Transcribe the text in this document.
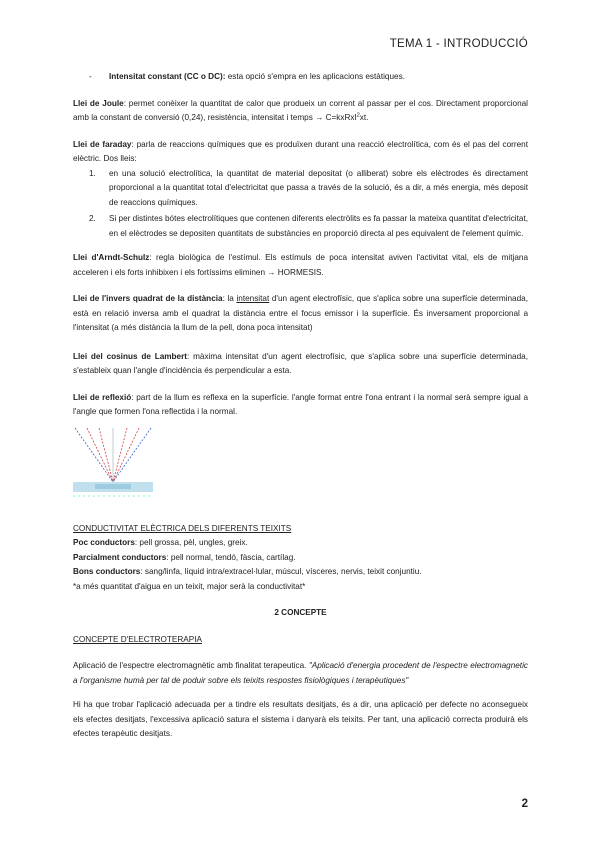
TEMA 1 - INTRODUCCIÓ
-	Intensitat constant (CC o DC): esta opció s'empra en les aplicacions estàtiques.

Llei de Joule: permet conèixer la quantitat de calor que produeix un corrent al passar per el cos. Directament proporcional amb la constant de conversió (0,24), resistència, intensitat i temps → C=kxRxI$^2$xt.

Llei de faraday: parla de reaccions químiques que es produïxen durant una reacció electrolítica, com és el pas del corrent elèctric. Dos lleis:

1. en una solució electrolítica, la quantitat de material depositat (o alliberat) sobre els elèctrodes és directament proporcional a la quantitat total d'electricitat que passa a través de la solució, és a dir, a més energia, més deposit de reaccions químiques.
2. Si per distintes bótes electrolítiques que contenen diferents electròlits es fa passar la mateixa quantitat d'electricitat, en el elèctrodes se depositen quantitats de substàncies en proporció directa al pes equivalent de l'element químic.

Llei d'Arndt-Schulz: regla biològica de l'estímul. Els estímuls de poca intensitat aviven l'activitat vital, els de mitjana acceleren i els forts inhibixen i els fortíssims eliminen → HORMESIS.

Llei de l'invers quadrat de la distància: la intensitat d'un agent electrofísic, que s'aplica sobre una superfície determinada, està en relació inversa amb el quadrat la distància entre el focus emissor i la superfície. És inversament proporcional a l'intensitat (a més distància la llum de la pell, dona poca intensitat)

Llei del cosinus de Lambert: màxima intensitat d'un agent electrofísic, que s'aplica sobre una superfície determinada, s'estableix quan l'angle d'incidència és perpendicular a esta.

Llei de reflexió: part de la llum es reflexa en la superfície. l'angle format entre l'ona entrant i la normal serà sempre igual a l'angle que formen l'ona reflectida i la normal.

CONDUCTIVITAT ELÈCTRICA DELS DIFERENTS TEIXITS

Poc conductors: pell grossa, pèl, ungles, greix.

Parcialment conductors: pell normal, tendó, fàscia, cartílag.

Bons conductors: sang/linfa, líquid intra/extracel·lular, múscul, vísceres, nervis, teixit conjuntiu.

*a més quantitat d'aigua en un teixit, major serà la conductivitat*

2 CONCEPTE

CONCEPTE D'ELECTROTERAPIA

Aplicació de l'espectre electromagnètic amb finalitat terapeutica. "Aplicació d'energia procedent de l'espectre electromagnetic a l'organisme humà per tal de poduir sobre els teixits respostes fisiològiques i terapèutiques"

Hi ha que trobar l'aplicació adecuada per a tindre els resultats desitjats, és a dir, una aplicació per defecte no aconsegueix els efectes desitjats, l'excessiva aplicació satura el sistema i danyarà els teixits. Per tant, una aplicació correcta produirà els efectes terapèutic desitjats.

2
